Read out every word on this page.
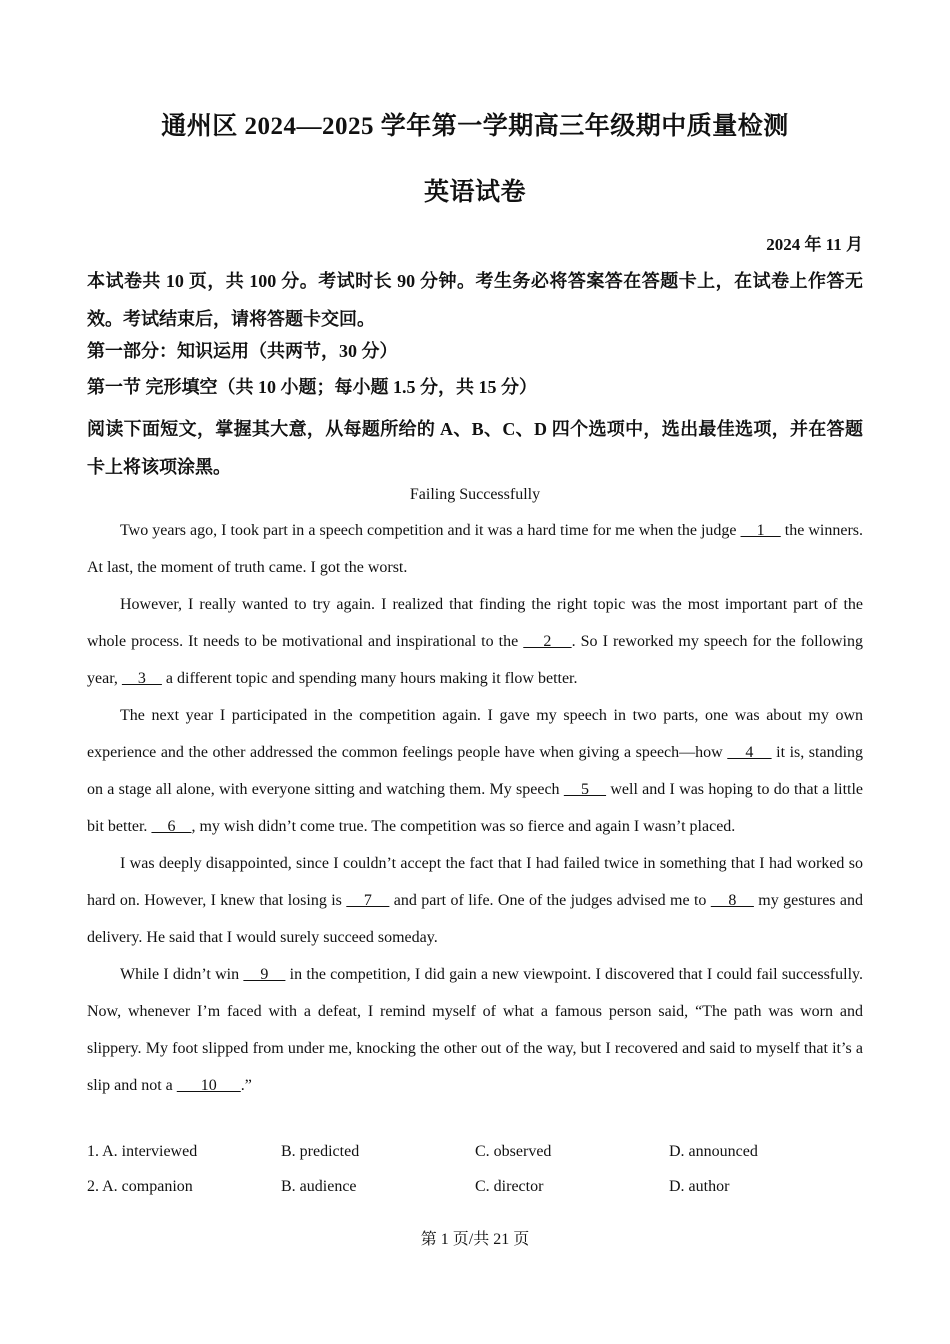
通州区 2024—2025 学年第一学期高三年级期中质量检测
英语试卷
2024 年 11 月
本试卷共 10 页，共 100 分。考试时长 90 分钟。考生务必将答案答在答题卡上，在试卷上作答无效。考试结束后，请将答题卡交回。
第一部分：知识运用（共两节，30 分）
第一节 完形填空（共 10 小题；每小题 1.5 分，共 15 分）
阅读下面短文，掌握其大意，从每题所给的 A、B、C、D 四个选项中，选出最佳选项，并在答题卡上将该项涂黑。
Failing Successfully

Two years ago, I took part in a speech competition and it was a hard time for me when the judge     1     the winners. At last, the moment of truth came. I got the worst.

However, I really wanted to try again. I realized that finding the right topic was the most important part of the whole process. It needs to be motivational and inspirational to the     2    . So I reworked my speech for the following year,     3     a different topic and spending many hours making it flow better.

The next year I participated in the competition again. I gave my speech in two parts, one was about my own experience and the other addressed the common feelings people have when giving a speech—how     4     it is, standing on a stage all alone, with everyone sitting and watching them. My speech     5     well and I was hoping to do that a little bit better.     6    , my wish didn’t come true. The competition was so fierce and again I wasn’t placed.

I was deeply disappointed, since I couldn’t accept the fact that I had failed twice in something that I had worked so hard on. However, I knew that losing is     7     and part of life. One of the judges advised me to     8     my gestures and delivery. He said that I would surely succeed someday.

While I didn’t win     9     in the competition, I did gain a new viewpoint. I discovered that I could fail successfully. Now, whenever I’m faced with a defeat, I remind myself of what a famous person said, “The path was worn and slippery. My foot slipped from under me, knocking the other out of the way, but I recovered and said to myself that it’s a slip and not a       10      .”

1. A. interviewed	B. predicted	C. observed	D. announced
2. A. companion	B. audience	C. director	D. author
第 1 页/共 21 页
